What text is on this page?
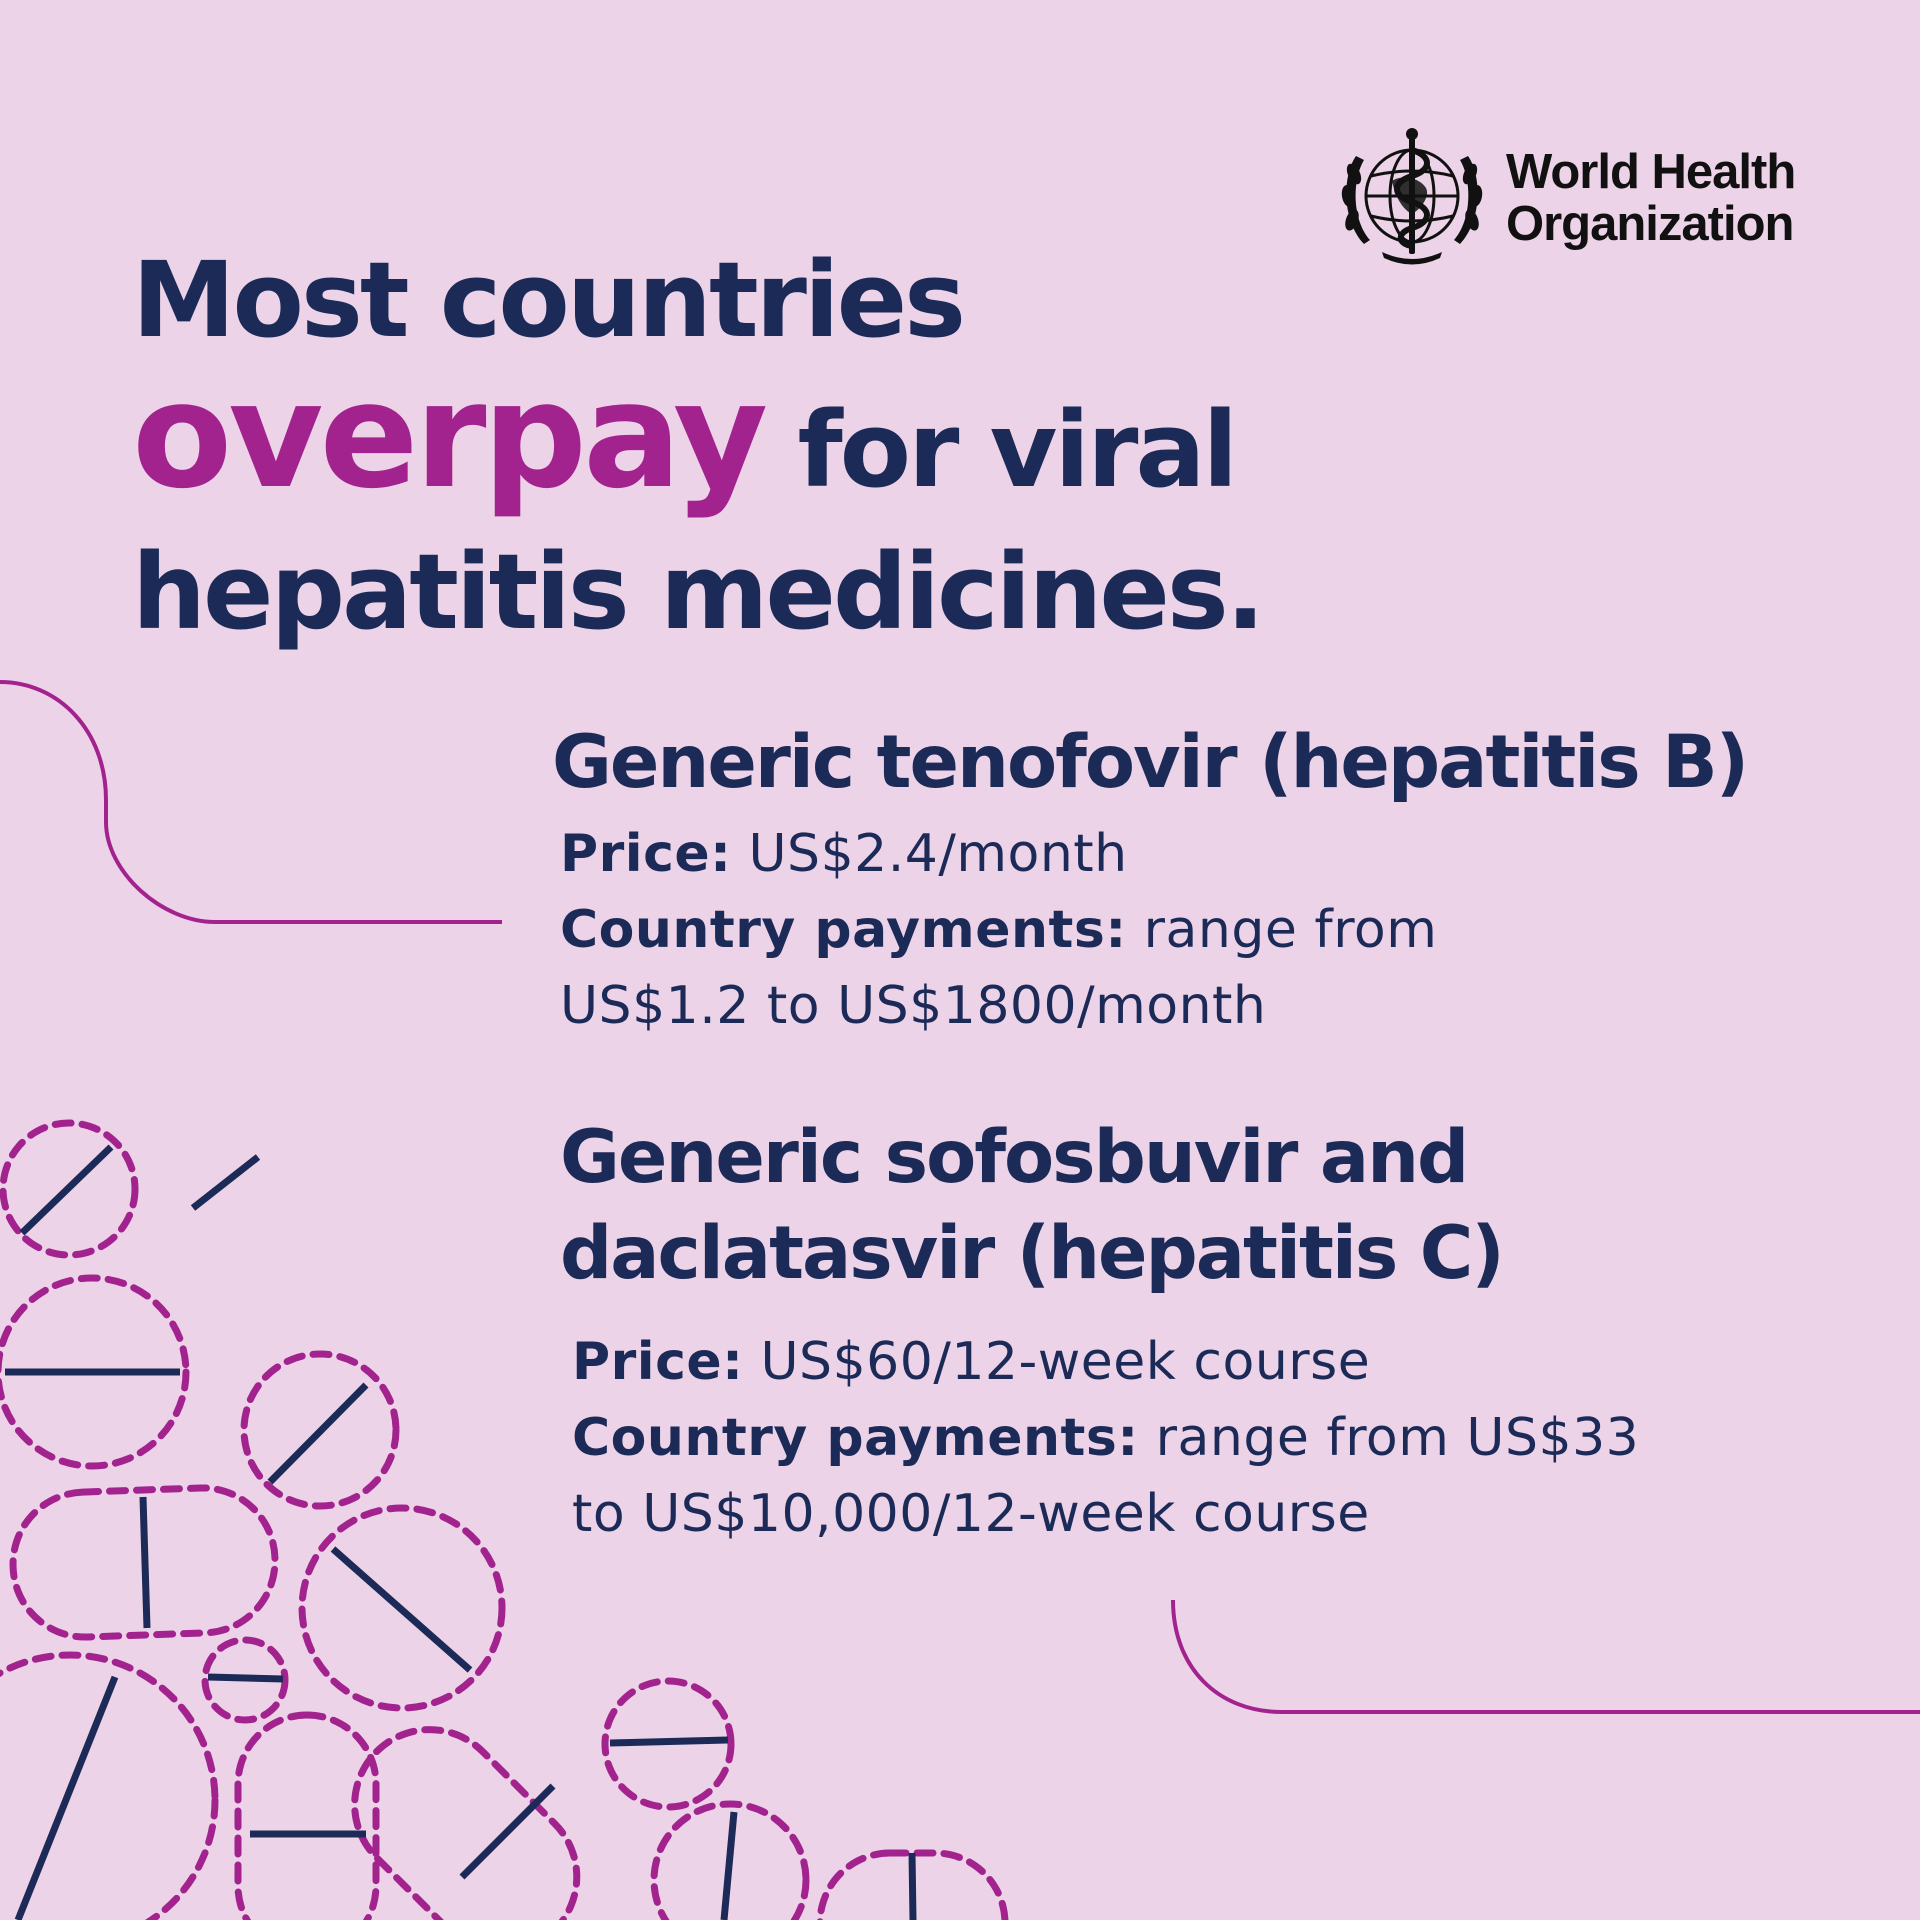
World Health
Organization
Most countries
overpay for viral
hepatitis medicines.
Generic tenofovir (hepatitis B)
Price: US$2.4/month
Country payments: range from
US$1.2 to US$1800/month
Generic sofosbuvir and
daclatasvir (hepatitis C)
Price: US$60/12-week course
Country payments: range from US$33
to US$10,000/12-week course
